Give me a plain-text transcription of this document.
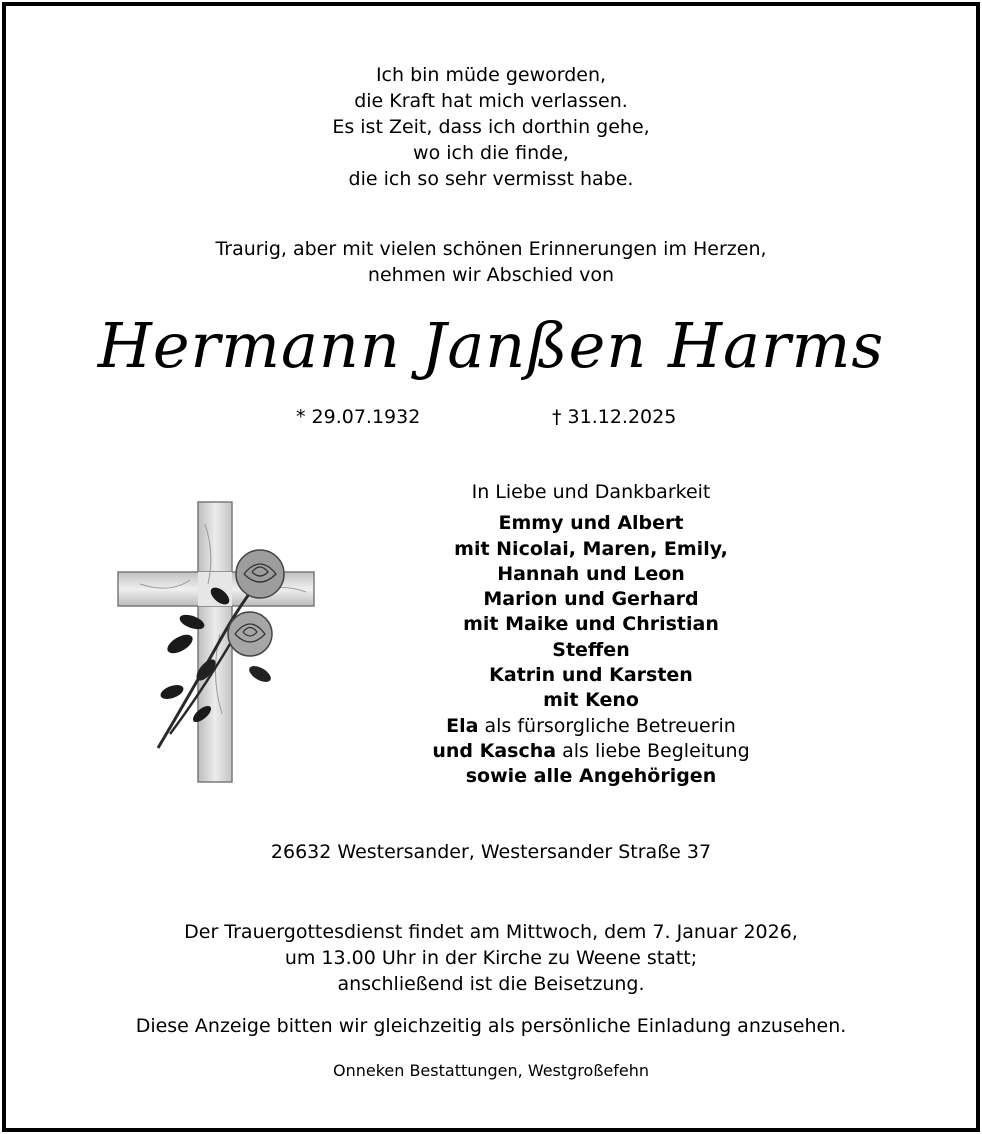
Ich bin müde geworden,
die Kraft hat mich verlassen.
Es ist Zeit, dass ich dorthin gehe,
wo ich die finde,
die ich so sehr vermisst habe.
Traurig, aber mit vielen schönen Erinnerungen im Herzen,
nehmen wir Abschied von
Hermann Janßen Harms
* 29.07.1932	† 31.12.2025
In Liebe und Dankbarkeit
Emmy und Albert
mit Nicolai, Maren, Emily,
Hannah und Leon
Marion und Gerhard
mit Maike und Christian
Steffen
Katrin und Karsten
mit Keno
Ela als fürsorgliche Betreuerin
und Kascha als liebe Begleitung
sowie alle Angehörigen
26632 Westersander, Westersander Straße 37
Der Trauergottesdienst findet am Mittwoch, dem 7. Januar 2026,
um 13.00 Uhr in der Kirche zu Weene statt;
anschließend ist die Beisetzung.
Diese Anzeige bitten wir gleichzeitig als persönliche Einladung anzusehen.
Onneken Bestattungen, Westgroßefehn
